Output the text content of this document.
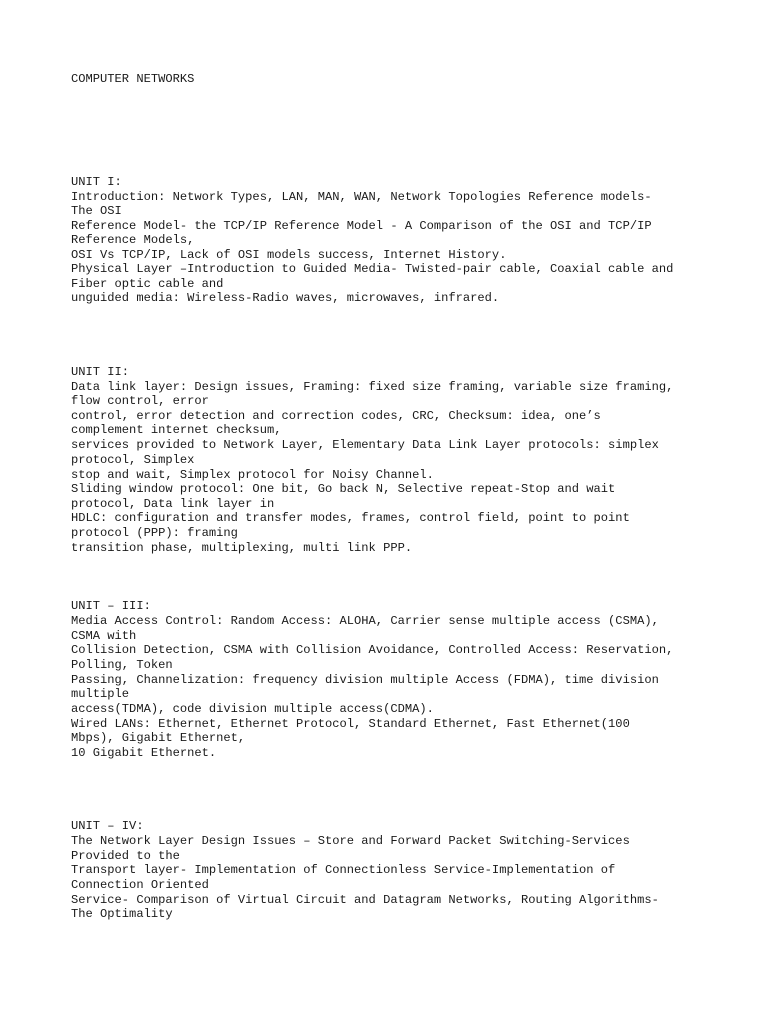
COMPUTER NETWORKS

UNIT I:

Introduction: Network Types, LAN, MAN, WAN, Network Topologies Reference models-

The OSI

Reference Model- the TCP/IP Reference Model - A Comparison of the OSI and TCP/IP

Reference Models,

OSI Vs TCP/IP, Lack of OSI models success, Internet History.

Physical Layer –Introduction to Guided Media- Twisted-pair cable, Coaxial cable and

Fiber optic cable and

unguided media: Wireless-Radio waves, microwaves, infrared.

UNIT II:

Data link layer: Design issues, Framing: fixed size framing, variable size framing,

flow control, error

control, error detection and correction codes, CRC, Checksum: idea, one’s

complement internet checksum,

services provided to Network Layer, Elementary Data Link Layer protocols: simplex

protocol, Simplex

stop and wait, Simplex protocol for Noisy Channel.

Sliding window protocol: One bit, Go back N, Selective repeat-Stop and wait

protocol, Data link layer in

HDLC: configuration and transfer modes, frames, control field, point to point

protocol (PPP): framing

transition phase, multiplexing, multi link PPP.

UNIT – III:

Media Access Control: Random Access: ALOHA, Carrier sense multiple access (CSMA),

CSMA with

Collision Detection, CSMA with Collision Avoidance, Controlled Access: Reservation,

Polling, Token

Passing, Channelization: frequency division multiple Access (FDMA), time division

multiple

access(TDMA), code division multiple access(CDMA).

Wired LANs: Ethernet, Ethernet Protocol, Standard Ethernet, Fast Ethernet(100

Mbps), Gigabit Ethernet,

10 Gigabit Ethernet.

UNIT – IV:

The Network Layer Design Issues – Store and Forward Packet Switching-Services

Provided to the

Transport layer- Implementation of Connectionless Service-Implementation of

Connection Oriented

Service- Comparison of Virtual Circuit and Datagram Networks, Routing Algorithms-

The Optimality
